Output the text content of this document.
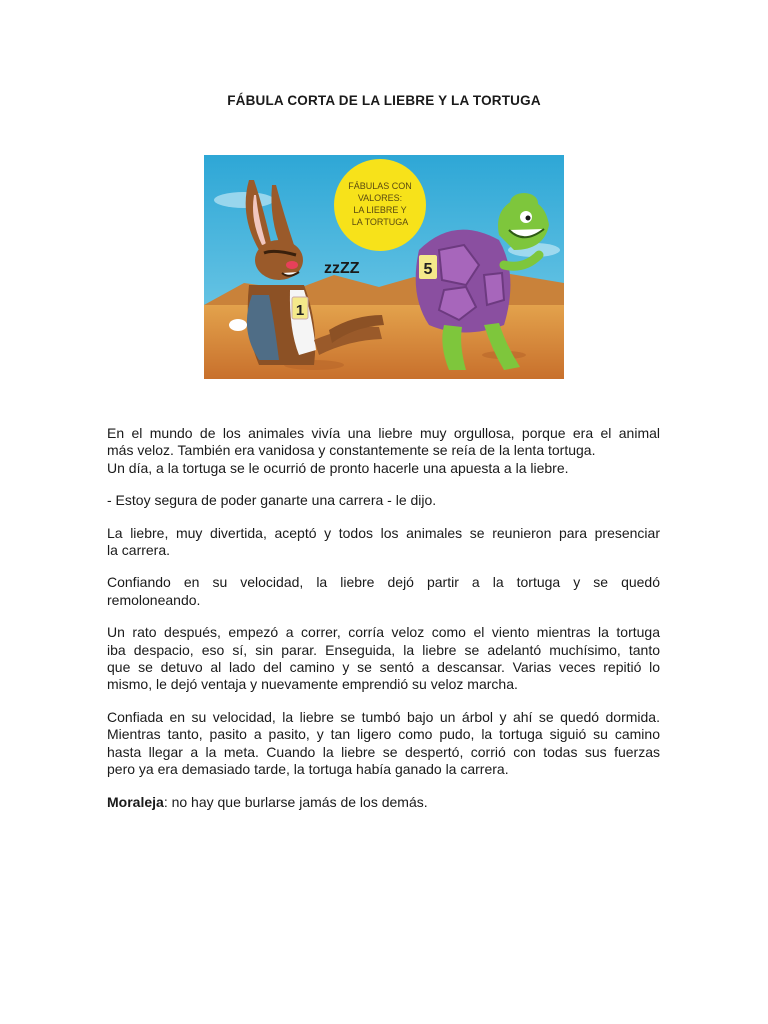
FÁBULA CORTA DE LA LIEBRE Y LA TORTUGA
FÁBULAS CON
VALORES:
LA LIEBRE Y
LA TORTUGA
1
zzZZ	5

En el mundo de los animales vivía una liebre muy orgullosa, porque era el animal
más veloz. También era vanidosa y constantemente se reía de la lenta tortuga.
Un día, a la tortuga se le ocurrió de pronto hacerle una apuesta a la liebre.

- Estoy segura de poder ganarte una carrera - le dijo.

La liebre, muy divertida, aceptó y todos los animales se reunieron para presenciar
la carrera.

Confiando en su velocidad, la liebre dejó partir a la tortuga y se quedó
remoloneando.

Un rato después, empezó a correr, corría veloz como el viento mientras la tortuga
iba despacio, eso sí, sin parar. Enseguida, la liebre se adelantó muchísimo, tanto
que se detuvo al lado del camino y se sentó a descansar. Varias veces repitió lo
mismo, le dejó ventaja y nuevamente emprendió su veloz marcha.

Confiada en su velocidad, la liebre se tumbó bajo un árbol y ahí se quedó dormida.
Mientras tanto, pasito a pasito, y tan ligero como pudo, la tortuga siguió su camino
hasta llegar a la meta. Cuando la liebre se despertó, corrió con todas sus fuerzas
pero ya era demasiado tarde, la tortuga había ganado la carrera.

Moraleja: no hay que burlarse jamás de los demás.
